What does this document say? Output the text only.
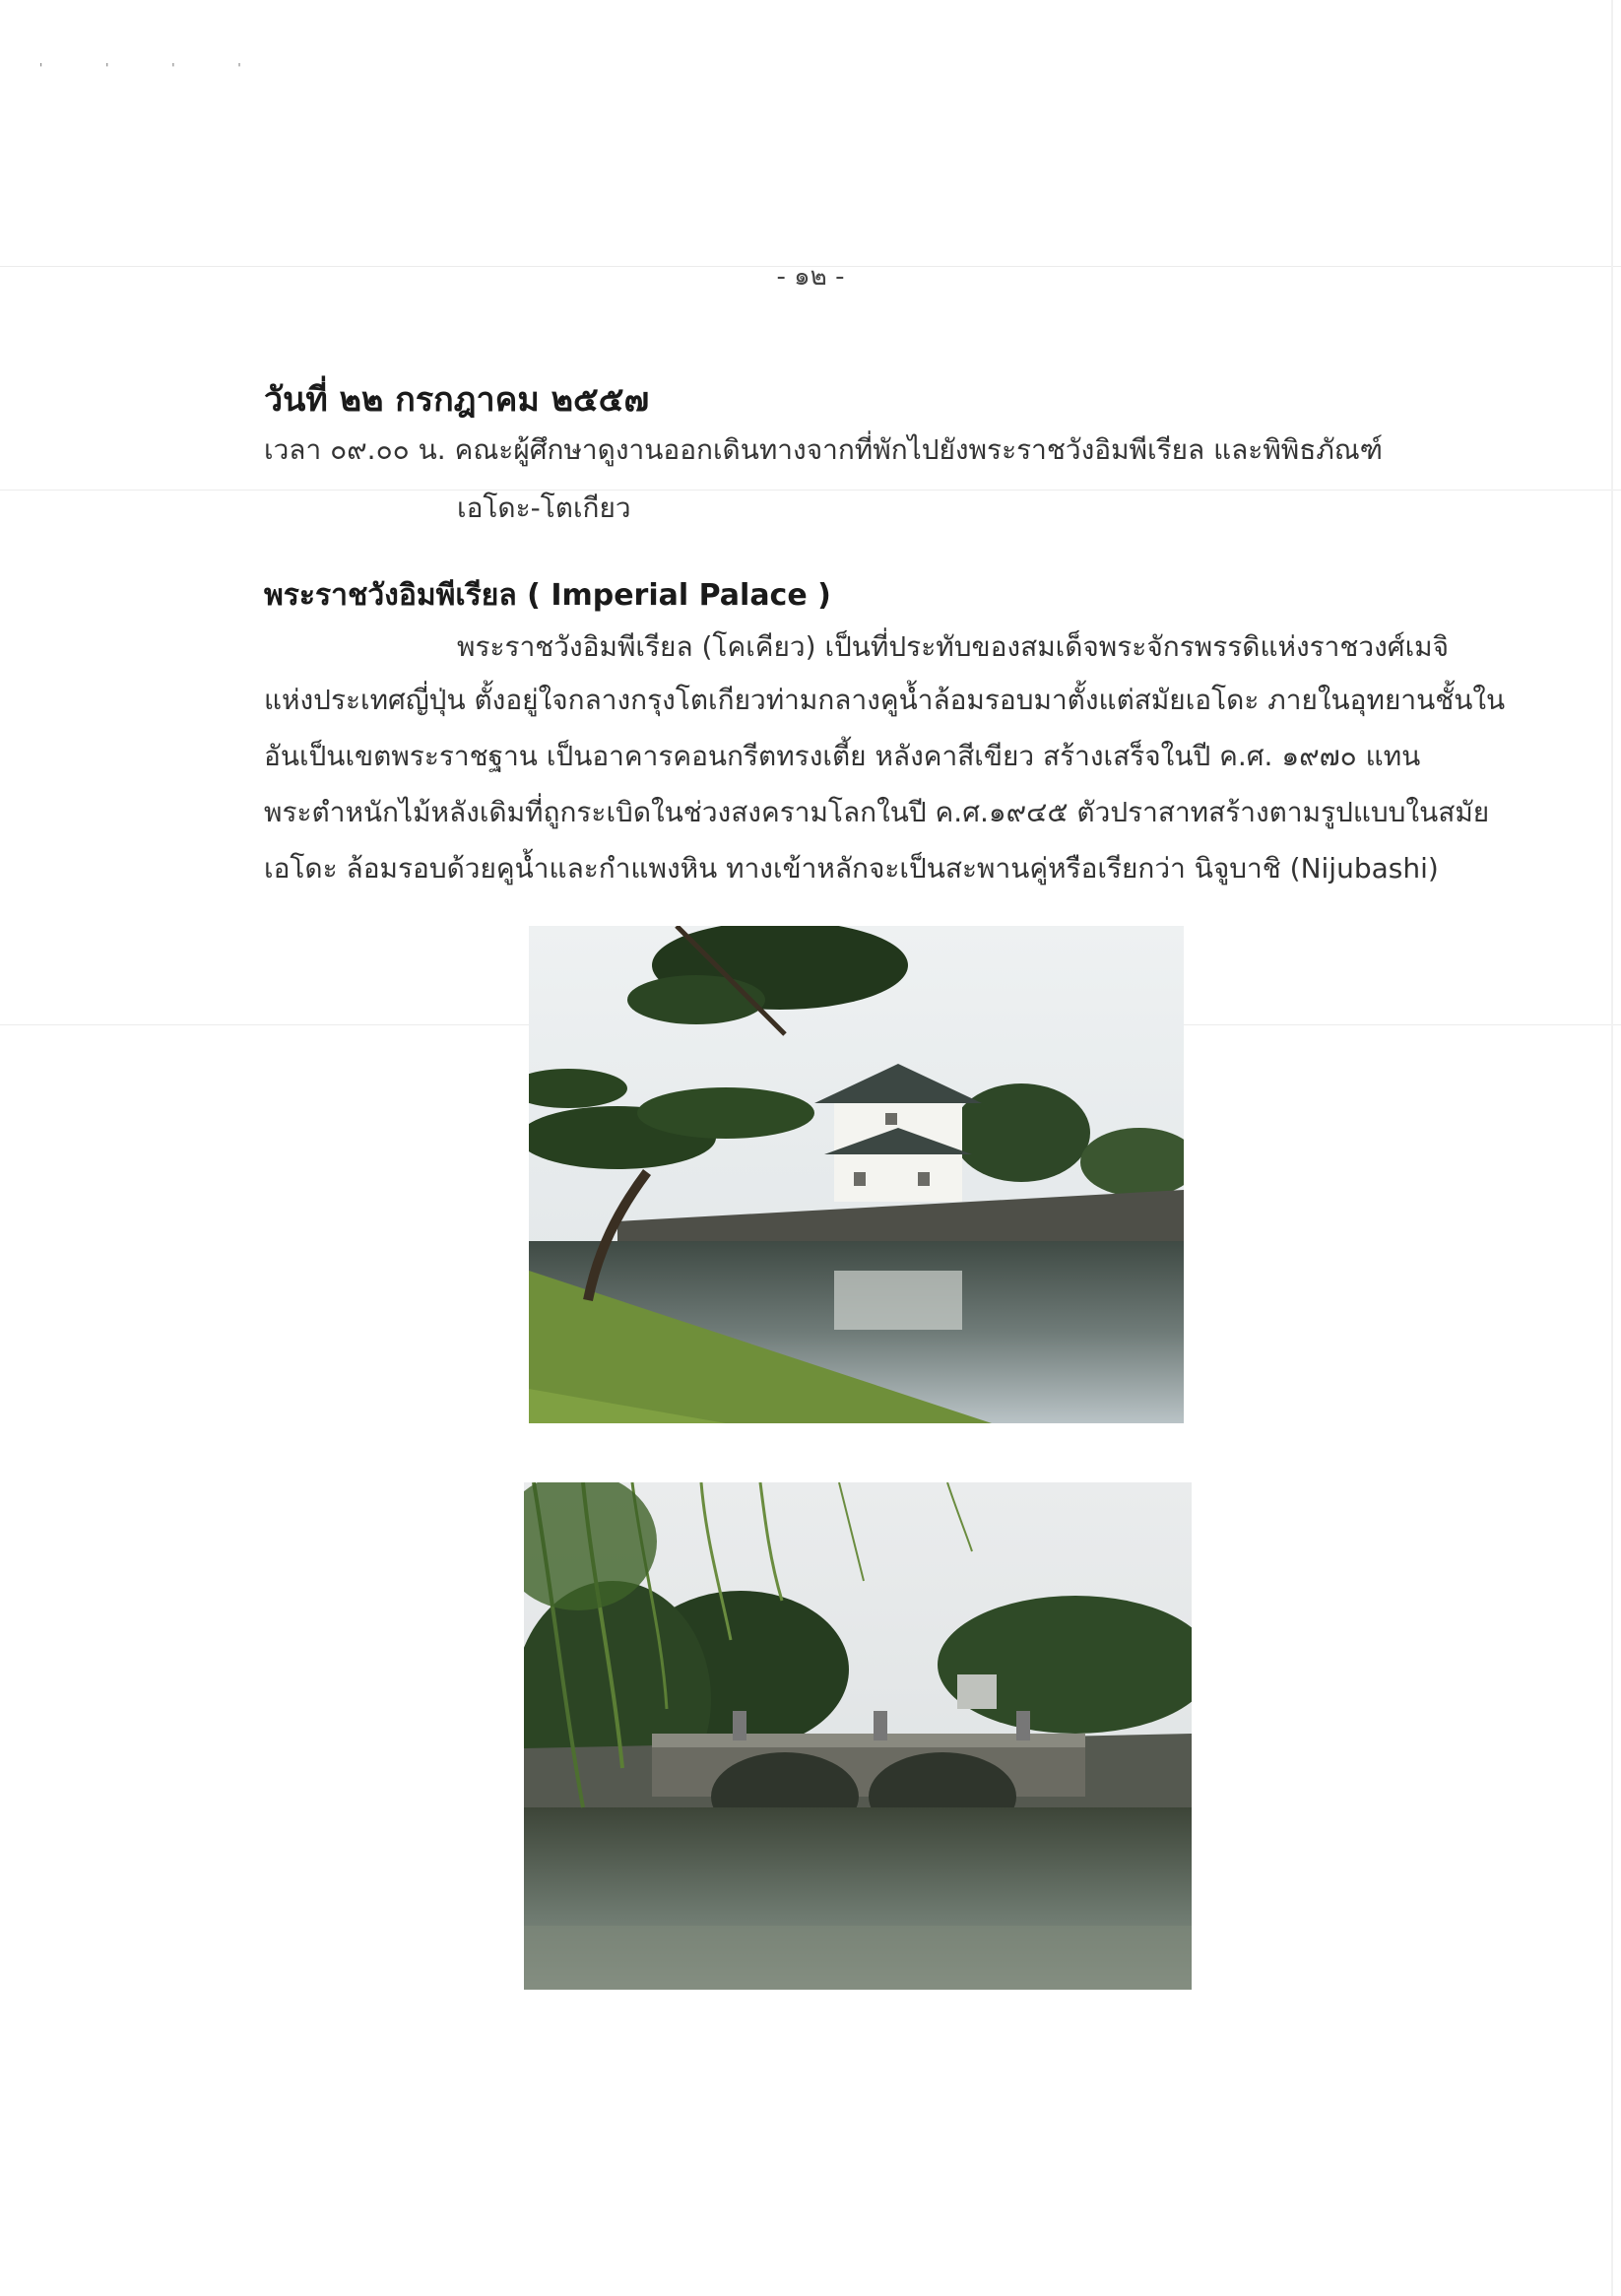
' ' ' '
- ๑๒ -
วันที่ ๒๒ กรกฎาคม ๒๕๕๗
เวลา ๐๙.๐๐ น. คณะผู้ศึกษาดูงานออกเดินทางจากที่พักไปยังพระราชวังอิมพีเรียล และพิพิธภัณฑ์
เอโดะ-โตเกียว
พระราชวังอิมพีเรียล ( Imperial Palace )
พระราชวังอิมพีเรียล (โคเคียว) เป็นที่ประทับของสมเด็จพระจักรพรรดิแห่งราชวงศ์เมจิ
แห่งประเทศญี่ปุ่น ตั้งอยู่ใจกลางกรุงโตเกียวท่ามกลางคูน้ำล้อมรอบมาตั้งแต่สมัยเอโดะ ภายในอุทยานชั้นใน
อันเป็นเขตพระราชฐาน เป็นอาคารคอนกรีตทรงเตี้ย หลังคาสีเขียว สร้างเสร็จในปี ค.ศ. ๑๙๗๐ แทน
พระตำหนักไม้หลังเดิมที่ถูกระเบิดในช่วงสงครามโลกในปี ค.ศ.๑๙๔๕ ตัวปราสาทสร้างตามรูปแบบในสมัย
เอโดะ ล้อมรอบด้วยคูน้ำและกำแพงหิน ทางเข้าหลักจะเป็นสะพานคู่หรือเรียกว่า นิจูบาชิ (Nijubashi)
